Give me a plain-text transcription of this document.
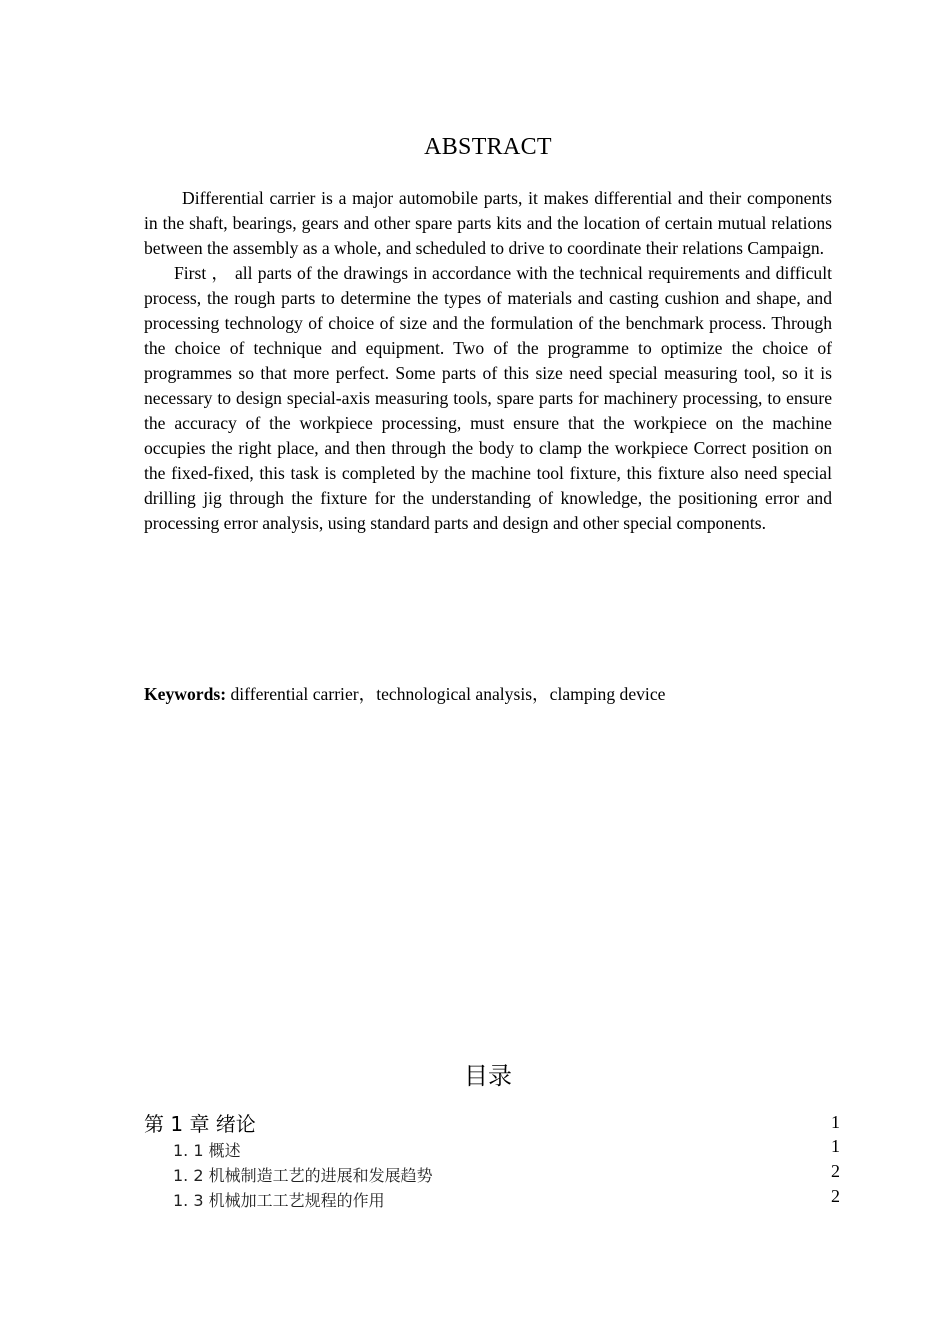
ABSTRACT

Differential carrier is a major automobile parts, it makes differential and their components in the shaft, bearings, gears and other spare parts kits and the location of certain mutual relations between the assembly as a whole, and scheduled to drive to coordinate their relations Campaign.

First ， all parts of the drawings in accordance with the technical requirements and difficult process, the rough parts to determine the types of materials and casting cushion and shape, and processing technology of choice of size and the formulation of the benchmark process. Through the choice of technique and equipment. Two of the programme to optimize the choice of programmes so that more perfect. Some parts of this size need special measuring tool, so it is necessary to design special-axis measuring tools, spare parts for machinery processing, to ensure the accuracy of the workpiece processing, must ensure that the workpiece on the machine occupies the right place, and then through the body to clamp the workpiece Correct position on the fixed-fixed, this task is completed by the machine tool fixture, this fixture also need special drilling jig through the fixture for the understanding of knowledge, the positioning error and processing error analysis, using standard parts and design and other special components.

Keywords: differential carrier，technological analysis，clamping device
目录
第 1 章 绪论	1
1. 1 概述	1
1. 2 机械制造工艺的进展和发展趋势	2
1. 3 机械加工工艺规程的作用	2
